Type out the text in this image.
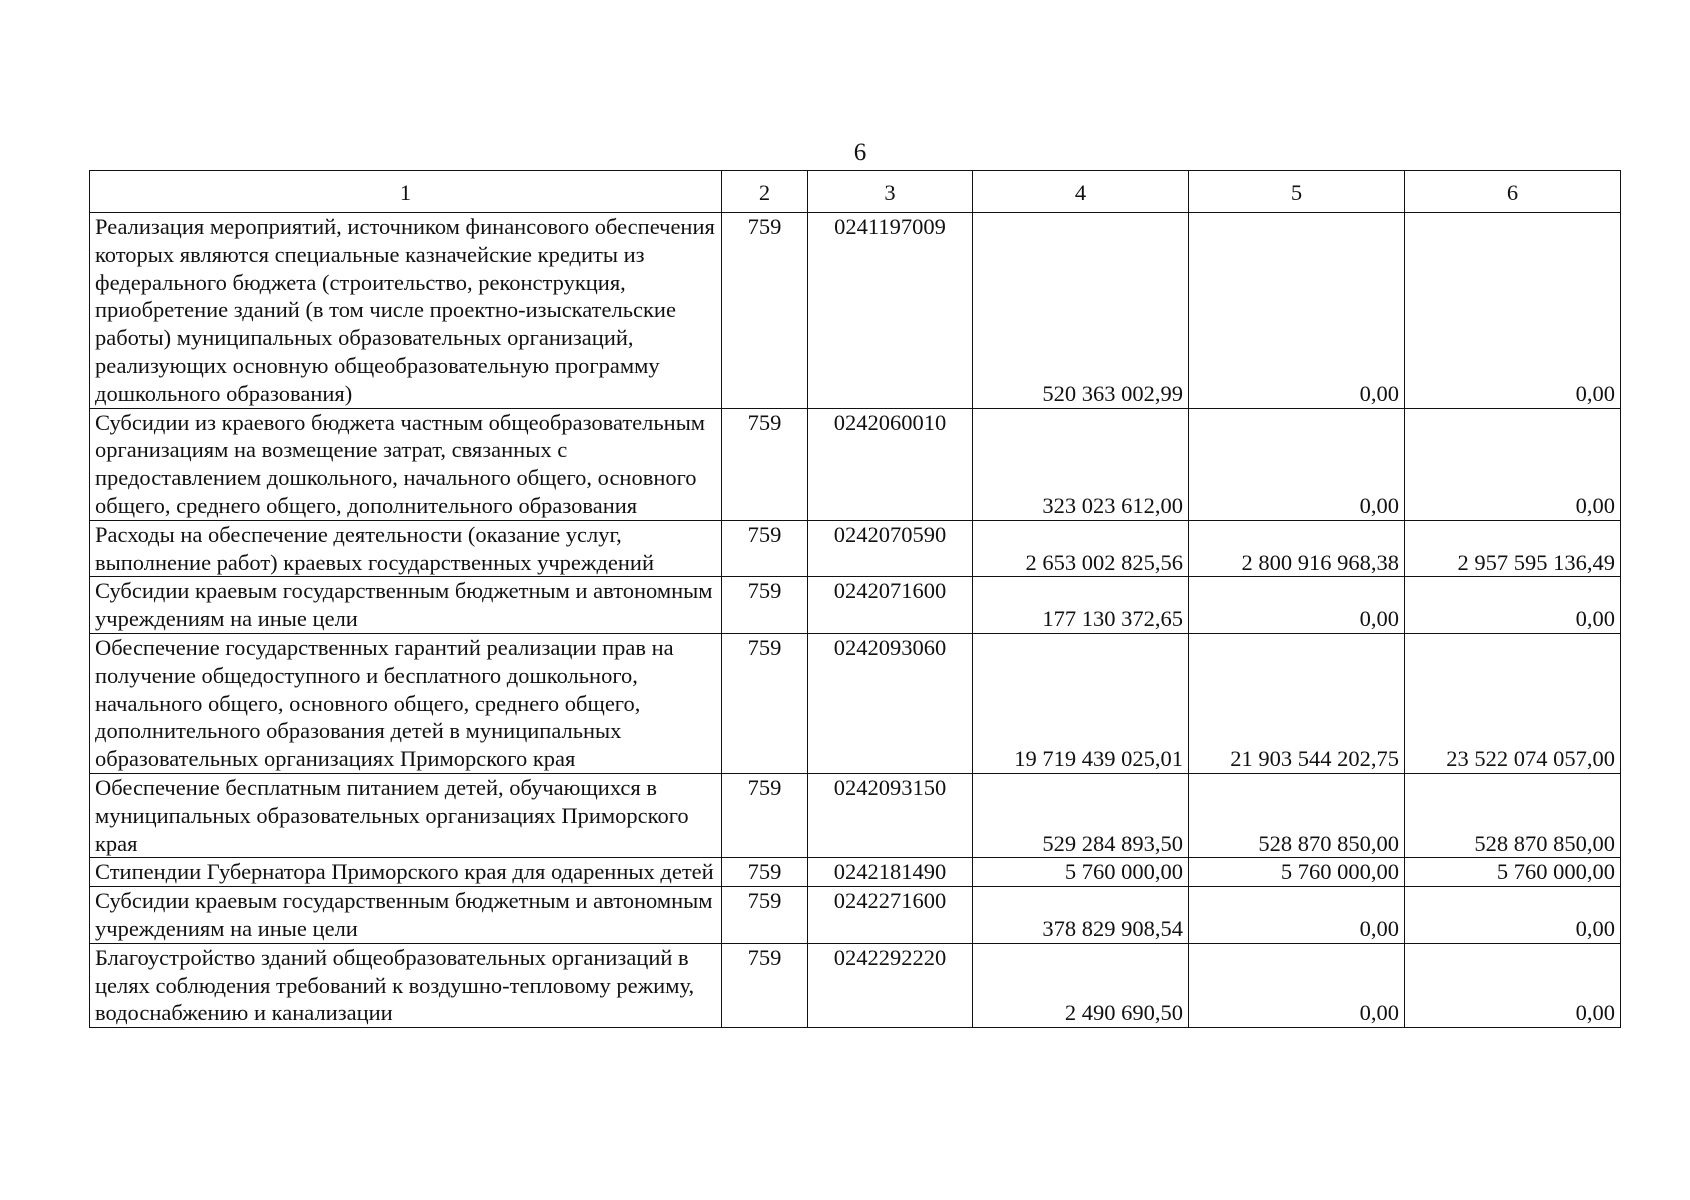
6
1	2	3	4	5	6
Реализация мероприятий, источником финансового обеспечения которых являются специальные казначейские кредиты из федерального бюджета (строительство, реконструкция, приобретение зданий (в том числе проектно-изыскательские работы) муниципальных образовательных организаций, реализующих основную общеобразовательную программу дошкольного образования)	759	0241197009	520 363 002,99	0,00	0,00
Субсидии из краевого бюджета частным общеобразовательным организациям на возмещение затрат, связанных с предоставлением дошкольного, начального общего, основного общего, среднего общего, дополнительного образования	759	0242060010	323 023 612,00	0,00	0,00
Расходы на обеспечение деятельности (оказание услуг, выполнение работ) краевых государственных учреждений	759	0242070590	2 653 002 825,56	2 800 916 968,38	2 957 595 136,49
Субсидии краевым государственным бюджетным и автономным учреждениям на иные цели	759	0242071600	177 130 372,65	0,00	0,00
Обеспечение государственных гарантий реализации прав на получение общедоступного и бесплатного дошкольного, начального общего, основного общего, среднего общего, дополнительного образования детей в муниципальных образовательных организациях Приморского края	759	0242093060	19 719 439 025,01	21 903 544 202,75	23 522 074 057,00
Обеспечение бесплатным питанием детей, обучающихся в муниципальных образовательных организациях Приморского края	759	0242093150	529 284 893,50	528 870 850,00	528 870 850,00
Стипендии Губернатора Приморского края для одаренных детей	759	0242181490	5 760 000,00	5 760 000,00	5 760 000,00
Субсидии краевым государственным бюджетным и автономным учреждениям на иные цели	759	0242271600	378 829 908,54	0,00	0,00
Благоустройство зданий общеобразовательных организаций в целях соблюдения требований к воздушно-тепловому режиму, водоснабжению и канализации	759	0242292220	2 490 690,50	0,00	0,00
